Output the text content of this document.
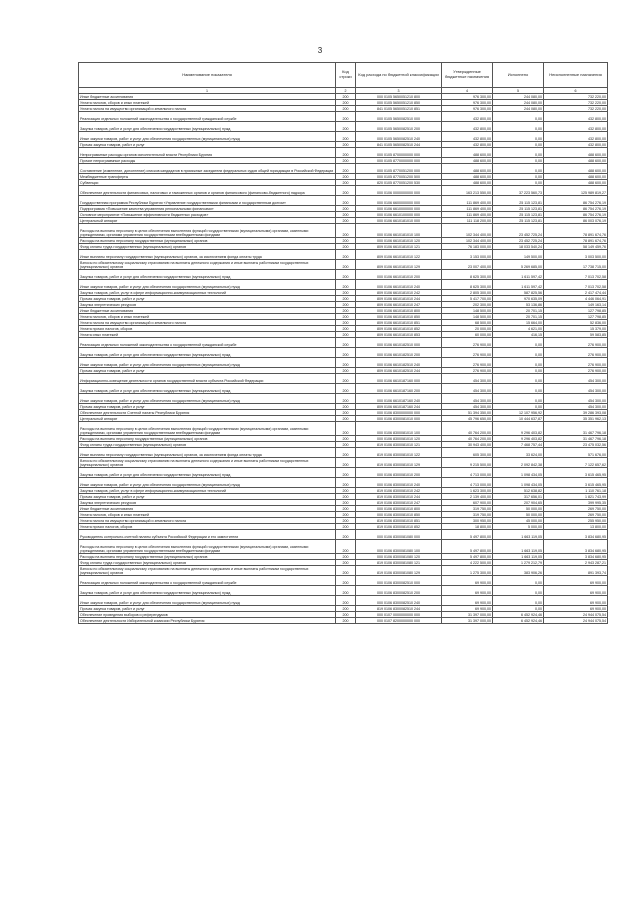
3
Наименование показателя	Код строки	Код расхода по бюджетной классификации	Утвержденные бюджетные назначения	Исполнено	Неисполненные назначения
1	2	3	4	5	6
Иные бюджетные ассигнования	200	000 0105 5650051210 800	976 300,00	244 080,00	732 220,00
Уплата налогов, сборов и иных платежей	200	000 0105 5650051210 850	976 300,00	244 080,00	732 220,00
Уплата налога на имущество организаций и земельного налога	200	841 0105 5650051210 851	976 300,00	244 080,00	732 220,00
Реализация отдельных положений законодательства о государственной гражданской службе	200	000 0105 5650082510 000	432 800,00	0,00	432 800,00
Закупка товаров, работ и услуг для обеспечения государственных (муниципальных) нужд	200	000 0105 5650082510 200	432 800,00	0,00	432 800,00
Иные закупки товаров, работ и услуг для обеспечения государственных (муниципальных) нужд	200	000 0105 5650082510 240	432 800,00	0,00	432 800,00
Прочая закупка товаров, работ и услуг	200	841 0105 5650082510 244	432 800,00	0,00	432 800,00
Непрограммные расходы органов исполнительной власти Республики Бурятия	200	000 0105 8700000000 000	488 600,00	0,00	488 600,00
Прочие непрограммные расходы	200	000 0105 8770000000 000	488 600,00	0,00	488 600,00
Составление (изменение, дополнение) списков кандидатов в присяжные заседатели федеральных судов общей юрисдикции в Российской Федерации	200	000 0105 8770051200 000	488 600,00	0,00	488 600,00
Межбюджетные трансферты	200	000 0105 8770051200 500	488 600,00	0,00	488 600,00
Субвенции	200	820 0105 8770051200 530	488 600,00	0,00	488 600,00
Обеспечение деятельности финансовых, налоговых и таможенных органов и органов финансового (финансово-бюджетного) надзора	200	000 0106 0000000000 000	163 213 550,00	37 223 560,73	125 989 819,27
Государственная программа Республики Бурятия «Управление государственными финансами и государственным долгом»	200	000 0106 6600000000 000	111 869 400,00	25 115 123,81	86 754 276,19
Подпрограмма «Повышение качества управления региональными финансами»	200	000 0106 6610000000 000	111 869 400,00	25 115 123,81	86 754 276,19
Основное мероприятие «Повышение эффективности бюджетных расходов»	200	000 0106 6610100000 000	111 869 400,00	25 115 123,81	86 754 276,19
Центральный аппарат	200	000 0106 6610181010 000	111 118 200,00	25 115 123,81	86 003 076,19
Расходы на выплаты персоналу в целях обеспечения выполнения функций государственными (муниципальными) органами, казенными учреждениями, органами управления государственными внебюджетными фондами	200	000 0106 6610181010 100	102 344 400,00	23 452 725,24	78 891 674,76
Расходы на выплаты персоналу государственных (муниципальных) органов	200	000 0106 6610181010 120	102 344 400,00	23 452 725,24	78 891 674,76
Фонд оплаты труда государственных (муниципальных) органов	200	809 0106 6610181010 121	76 183 000,00	18 033 540,24	58 149 459,76
Иные выплаты персоналу государственных (муниципальных) органов, за исключением фонда оплаты труда	200	809 0106 6610181010 122	3 153 000,00	149 500,00	3 003 500,00
Взносы по обязательному социальному страхованию на выплаты денежного содержания и иные выплаты работникам государственных (муниципальных) органов	200	809 0106 6610181010 129	23 007 400,00	5 269 685,00	17 738 715,00
Закупка товаров, работ и услуг для обеспечения государственных (муниципальных) нужд	200	000 0106 6610181010 200	8 625 300,00	1 611 597,42	7 013 702,58
Иные закупки товаров, работ и услуг для обеспечения государственных (муниципальных) нужд	200	000 0106 6610181010 240	8 625 300,00	1 611 597,42	7 013 702,58
Закупка товаров, работ, услуг в сфере информационно-коммуникационных технологий	200	809 0106 6610181010 242	2 805 300,00	587 825,56	2 417 474,44
Прочая закупка товаров, работ и услуг	200	809 0106 6610181010 244	5 417 700,00	970 635,09	4 446 064,91
Закупка энергетических ресурсов	200	809 0106 6610181010 247	202 300,00	53 136,86	149 163,14
Иные бюджетные ассигнования	200	000 0106 6610181010 800	148 500,00	20 701,15	127 798,85
Уплата налогов, сборов и иных платежей	200	000 0106 6610181010 850	148 500,00	20 701,15	127 798,85
Уплата налога на имущество организаций и земельного налога	200	809 0106 6610181010 851	68 500,00	15 664,00	52 836,00
Уплата прочих налогов, сборов	200	809 0106 6610181010 852	20 000,00	4 621,00	15 379,00
Уплата иных платежей	200	809 0106 6610181010 853	60 000,00	416,15	59 583,85
Реализация отдельных положений законодательства о государственной гражданской службе	200	000 0106 6610182510 000	276 900,00	0,00	276 900,00
Закупка товаров, работ и услуг для обеспечения государственных (муниципальных) нужд	200	000 0106 6610182510 200	276 900,00	0,00	276 900,00
Иные закупки товаров, работ и услуг для обеспечения государственных (муниципальных) нужд	200	000 0106 6610182510 240	276 900,00	0,00	276 900,00
Прочая закупка товаров, работ и услуг	200	809 0106 6610182510 244	276 900,00	0,00	276 900,00
Информационно-освещение деятельности органов государственной власти субъекта Российской Федерации	200	000 0106 6610187160 000	454 300,00	0,00	454 300,00
Закупка товаров, работ и услуг для обеспечения государственных (муниципальных) нужд	200	000 0106 6610187160 200	454 300,00	0,00	454 300,00
Иные закупки товаров, работ и услуг для обеспечения государственных (муниципальных) нужд	200	000 0106 6610187160 240	454 300,00	0,00	454 300,00
Прочая закупка товаров, работ и услуг	200	809 0106 6610187160 244	454 300,00	0,00	454 300,00
Обеспечение деятельности Счетной палаты Республики Бурятия	200	000 0106 8300000000 000	51 394 350,00	12 107 956,92	39 286 393,08
Центральный аппарат	200	000 0106 8300081010 000	45 796 650,00	10 444 637,87	35 351 962,13
Расходы на выплаты персоналу в целях обеспечения выполнения функций государственными (муниципальными) органами, казенными учреждениями, органами управления государственными внебюджетными фондами	200	000 0106 8300081010 100	40 764 200,00	9 296 403,82	31 467 796,18
Расходы на выплаты персоналу государственных (муниципальных) органов	200	000 0106 8300081010 120	40 764 200,00	9 296 403,82	31 467 796,18
Фонд оплаты труда государственных (муниципальных) органов	200	819 0106 8300081010 121	30 943 400,00	7 468 757,44	23 475 032,56
Иные выплаты персоналу государственных (муниципальных) органов, за исключением фонда оплаты труда	200	819 0106 8300081010 122	605 300,00	33 624,00	571 676,00
Взносы по обязательному социальному страхованию на выплаты денежного содержания и иные выплаты работникам государственных (муниципальных) органов	200	819 0106 8300081010 129	9 215 500,00	2 092 842,38	7 122 657,62
Закупка товаров, работ и услуг для обеспечения государственных (муниципальных) нужд	200	000 0106 8300081010 200	4 713 000,00	1 098 434,05	3 615 465,95
Иные закупки товаров, работ и услуг для обеспечения государственных (муниципальных) нужд	200	000 0106 8300081010 240	4 713 000,00	1 098 434,05	3 615 465,95
Закупка товаров, работ, услуг в сфере информационно-коммуникационных технологий	200	819 0106 8300081010 242	1 623 300,00	512 638,82	1 110 761,18
Прочая закупка товаров, работ и услуг	200	819 0106 8300081010 244	2 139 400,00	317 656,01	1 821 743,99
Закупка энергетических ресурсов	200	819 0106 8300081010 247	607 900,00	207 904,65	399 995,35
Иные бюджетные ассигнования	200	000 0106 8300081010 800	319 750,00	50 000,00	269 750,00
Уплата налогов, сборов и иных платежей	200	000 0106 8300081010 850	319 750,00	50 000,00	269 750,00
Уплата налога на имущество организаций и земельного налога	200	819 0106 8300081010 851	300 950,00	45 000,00	255 950,00
Уплата прочих налогов, сборов	200	819 0106 8300081010 852	18 800,00	5 000,00	13 800,00
Руководитель контрольно-счетной палаты субъекта Российской Федерации и его заместители	200	000 0106 8300081080 000	5 497 800,00	1 663 119,05	3 834 680,95
Расходы на выплаты персоналу в целях обеспечения выполнения функций государственными (муниципальными) органами, казенными учреждениями, органами управления государственными внебюджетными фондами	200	000 0106 8300081080 100	5 497 800,00	1 663 119,05	3 834 680,95
Расходы на выплаты персоналу государственных (муниципальных) органов	200	000 0106 8300081080 120	5 497 800,00	1 663 119,05	3 834 680,95
Фонд оплаты труда государственных (муниципальных) органов	200	819 0106 8300081080 121	4 222 500,00	1 279 212,79	2 943 287,21
Взносы по обязательному социальному страхованию на выплаты денежного содержания и иные выплаты работникам государственных (муниципальных) органов	200	819 0106 8300081080 129	1 275 300,00	383 906,26	891 393,74
Реализация отдельных положений законодательства о государственной гражданской службе	200	000 0106 8300082510 000	69 900,00	0,00	69 900,00
Закупка товаров, работ и услуг для обеспечения государственных (муниципальных) нужд	200	000 0106 8300082510 200	69 900,00	0,00	69 900,00
Иные закупки товаров, работ и услуг для обеспечения государственных (муниципальных) нужд	200	000 0106 8300082510 240	69 900,00	0,00	69 900,00
Прочая закупка товаров, работ и услуг	200	819 0106 8300082510 244	69 900,00	0,00	69 900,00
Обеспечение проведения выборов и референдумов	200	000 0107 0000000000 000	31 397 000,00	6 452 924,46	24 944 075,54
Обеспечение деятельности Избирательной комиссии Республики Бурятия	200	000 0107 8200000000 000	31 397 000,00	6 452 924,46	24 944 075,54
